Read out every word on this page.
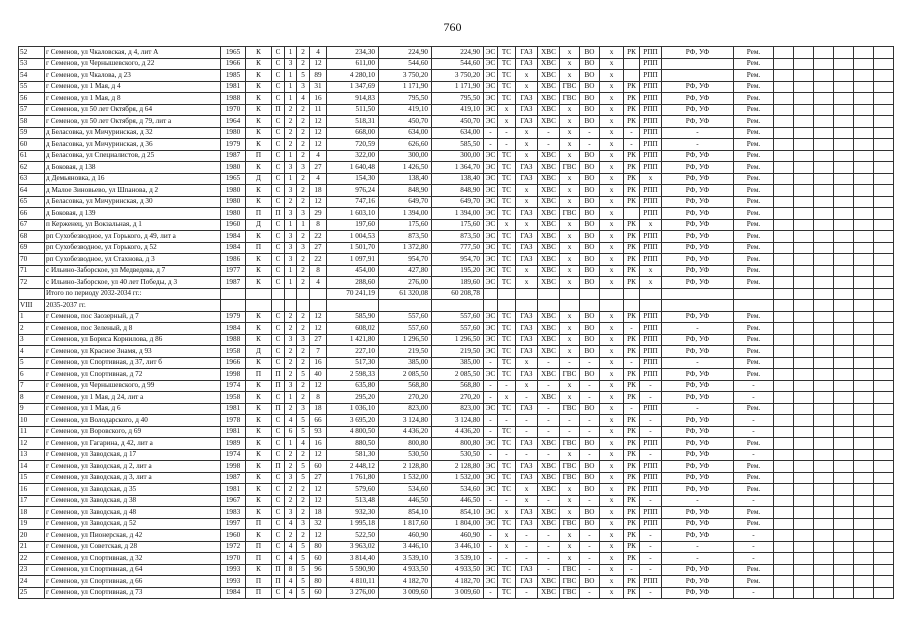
760
52	г Семенов, ул Чкаловская, д 4, лит А	1965	К	С	1	2	4	234,30	224,90	224,90	ЭС	ТС	ГАЗ	ХВС	х	ВО	х	РК	РПП	РФ, УФ	Рем.						
53	г Семенов, ул Чернышевского, д 22	1966	К	С	3	2	12	611,00	544,60	544,60	ЭС	ТС	ГАЗ	ХВС	х	ВО	х		РПП		Рем.						
54	г Семенов, ул Чкалова, д 23	1985	К	С	1	5	89	4 280,10	3 750,20	3 750,20	ЭС	ТС	х	ХВС	х	ВО	х		РПП		Рем.						
55	г Семенов, ул 1 Мая, д 4	1981	К	С	1	3	31	1 347,69	1 171,90	1 171,90	ЭС	ТС	х	ХВС	ГВС	ВО	х	РК	РПП	РФ, УФ	Рем.						
56	г Семенов, ул 1 Мая, д 8	1988	К	С	1	4	16	914,83	795,50	795,50	ЭС	ТС	ГАЗ	ХВС	ГВС	ВО	х	РК	РПП	РФ, УФ	Рем.						
57	г Семенов, ул 50 лет Октября, д 64	1970	К	П	2	2	11	511,50	419,10	419,10	ЭС	х	ГАЗ	ХВС	х	ВО	х	РК	РПП	РФ, УФ	Рем.						
58	г Семенов, ул 50 лет Октября, д 79, лит а	1964	К	С	2	2	12	518,31	450,70	450,70	ЭС	х	ГАЗ	ХВС	х	ВО	х	РК	РПП	РФ, УФ	Рем.						
59	д Беласовка, ул Мичуринская, д 32	1980	К	С	2	2	12	668,00	634,00	634,00	-	-	х	-	х	-	х	-	РПП	-	Рем.						
60	д Беласовка, ул Мичуринская, д 36	1979	К	С	2	2	12	720,59	626,60	585,50	-	-	х	-	х	-	х	-	РПП	-	Рем.						
61	д Беласовка, ул Специалистов, д 25	1987	П	С	1	2	4	322,00	300,00	300,00	ЭС	ТС	х	ХВС	х	ВО	х	РК	РПП	РФ, УФ	Рем.						
62	д Боковая, д 138	1980	К	С	3	3	27	1 640,48	1 426,50	1 364,70	ЭС	ТС	ГАЗ	ХВС	ГВС	ВО	х	РК	РПП	РФ, УФ	Рем.						
63	д Демьяновка, д 16	1965	Д	С	1	2	4	154,30	138,40	138,40	ЭС	ТС	ГАЗ	ХВС	х	ВО	х	РК	х	РФ, УФ	Рем.						
64	д Малое Зиновьево, ул Шпанова, д 2	1980	К	С	3	2	18	976,24	848,90	848,90	ЭС	ТС	х	ХВС	х	ВО	х	РК	РПП	РФ, УФ	Рем.						
65	д Беласовка, ул Мичуринская, д 30	1980	К	С	2	2	12	747,16	649,70	649,70	ЭС	ТС	х	ХВС	х	ВО	х	РК	РПП	РФ, УФ	Рем.						
66	д Боковая, д 139	1980	П	П	3	3	29	1 603,10	1 394,00	1 394,00	ЭС	ТС	ГАЗ	ХВС	ГВС	ВО	х		РПП	РФ, УФ	Рем.						
67	п Керженец, ул Вокзальная, д 1	1960	Д	С	1	1	8	197,60	175,60	175,60	ЭС	х	х	ХВС	х	ВО	х	РК	х	РФ, УФ	Рем.						
68	рп Сухобезводное, ул Горького, д 49, лит а	1984	К	С	3	2	22	1 004,53	873,50	873,50	ЭС	ТС	ГАЗ	ХВС	х	ВО	х	РК	РПП	РФ, УФ	Рем.						
69	рп Сухобезводное, ул Горького, д 52	1984	П	С	3	3	27	1 501,70	1 372,80	777,50	ЭС	ТС	ГАЗ	ХВС	х	ВО	х	РК	РПП	РФ, УФ	Рем.						
70	рп Сухобезводное, ул Стахнова, д 3	1986	К	С	3	2	22	1 097,91	954,70	954,70	ЭС	ТС	ГАЗ	ХВС	х	ВО	х	РК	РПП	РФ, УФ	Рем.						
71	с Ильино-Заборское, ул Медведева, д 7	1977	К	С	1	2	8	454,00	427,80	195,20	ЭС	ТС	х	ХВС	х	ВО	х	РК	х	РФ, УФ	Рем.						
72	с Ильино-Заборское, ул 40 лет Победы, д 3	1987	К	С	1	2	4	288,60	276,00	189,60	ЭС	ТС	х	ХВС	х	ВО	х	РК	х	РФ, УФ	Рем.						
	Итого по периоду 2032-2034 гг.:							70 241,19	61 320,08	60 208,78																	
VIII	2035-2037 гг.																										
1	г Семенов, пос Заозерный, д 7	1979	К	С	2	2	12	585,90	557,60	557,60	ЭС	ТС	ГАЗ	ХВС	х	ВО	х	РК	РПП	РФ, УФ	Рем.						
2	г Семенов, пос Зеленый, д 8	1984	К	С	2	2	12	608,02	557,60	557,60	ЭС	ТС	ГАЗ	ХВС	х	ВО	х	-	РПП	-	Рем.						
3	г Семенов, ул Бориса Корнилова, д 86	1988	К	С	3	3	27	1 421,80	1 296,50	1 296,50	ЭС	ТС	ГАЗ	ХВС	х	ВО	х	РК	РПП	РФ, УФ	Рем.						
4	г Семенов, ул Красное Знамя, д 93	1958	Д	С	2	2	7	227,10	219,50	219,50	ЭС	ТС	ГАЗ	ХВС	х	ВО	х	РК	РПП	РФ, УФ	Рем.						
5	г Семенов, ул Спортивная, д 37, лит б	1966	К	С	2	2	16	517,30	385,00	385,00	-	ТС	х	-	-	-	х	-	РПП	-	Рем.						
6	г Семенов, ул Спортивная, д 72	1998	П	П	2	5	40	2 598,33	2 085,50	2 085,50	ЭС	ТС	ГАЗ	ХВС	ГВС	ВО	х	РК	РПП	РФ, УФ	Рем.						
7	г Семенов, ул Чернышевского, д 99	1974	К	П	3	2	12	635,80	568,80	568,80	-	-	х	-	х	-	х	РК	-	РФ, УФ	-						
8	г Семенов, ул 1 Мая, д 24, лит а	1958	К	С	1	2	8	295,20	270,20	270,20	-	х	-	ХВС	х	-	х	РК	-	РФ, УФ	-						
9	г Семенов, ул 1 Мая, д 6	1981	К	П	2	3	18	1 036,10	823,00	823,00	ЭС	ТС	ГАЗ	-	ГВС	ВО	х	-	РПП	-	Рем.						
10	г Семенов, ул Володарского, д 40	1978	К	С	4	5	66	3 695,20	3 124,80	3 124,80	-	-	-	-	-	-	х	РК	-	РФ, УФ	-						
11	г Семенов, ул Воровского, д 69	1981	К	С	6	5	93	4 800,50	4 436,20	4 436,20	-	ТС	-	-	-	-	х	РК	-	РФ, УФ	-						
12	г Семенов, ул Гагарина, д 42, лит а	1989	К	С	1	4	16	880,50	800,80	800,80	ЭС	ТС	ГАЗ	ХВС	ГВС	ВО	х	РК	РПП	РФ, УФ	Рем.						
13	г Семенов, ул Заводская, д 17	1974	К	С	2	2	12	581,30	530,50	530,50	-	-	-	-	х	-	х	РК	-	РФ, УФ	-						
14	г Семенов, ул Заводская, д 2, лит а	1998	К	П	2	5	60	2 448,12	2 128,80	2 128,80	ЭС	ТС	ГАЗ	ХВС	ГВС	ВО	х	РК	РПП	РФ, УФ	Рем.						
15	г Семенов, ул Заводская, д 3, лит а	1987	К	С	3	5	27	1 761,80	1 532,00	1 532,00	ЭС	ТС	ГАЗ	ХВС	ГВС	ВО	х	РК	РПП	РФ, УФ	Рем.						
16	г Семенов, ул Заводская, д 35	1981	К	С	2	2	12	579,60	534,60	534,60	ЭС	ТС	х	ХВС	х	ВО	х	РК	РПП	РФ, УФ	Рем.						
17	г Семенов, ул Заводская, д 38	1967	К	С	2	2	12	513,48	446,50	446,50	-	-	х	-	х	-	х	РК	-	-	-						
18	г Семенов, ул Заводская, д 48	1983	К	С	3	2	18	932,30	854,10	854,10	ЭС	х	ГАЗ	ХВС	х	ВО	х	РК	РПП	РФ, УФ	Рем.						
19	г Семенов, ул Заводская, д 52	1997	П	С	4	3	32	1 995,18	1 817,60	1 804,00	ЭС	ТС	ГАЗ	ХВС	ГВС	ВО	х	РК	РПП	РФ, УФ	Рем.						
20	г Семенов, ул Пионерская, д 42	1960	К	С	2	2	12	522,50	460,90	460,90	-	х	-	-	х	-	х	РК	-	РФ, УФ	-						
21	г Семенов, ул Советская, д 28	1972	П	С	4	5	80	3 963,02	3 446,10	3 446,10	-	х	-	-	х	-	х	РК	-	-	-						
22	г Семенов, ул Спортивная, д 32	1970	П	С	4	5	60	3 814,40	3 539,10	3 539,10	-	-	-	-	х	-	х	РК	-	-	-						
23	г Семенов, ул Спортивная, д 64	1993	К	П	8	5	96	5 590,90	4 933,50	4 933,50	ЭС	ТС	ГАЗ	-	ГВС	-	х	-	-	РФ, УФ	Рем.						
24	г Семенов, ул Спортивная, д 66	1993	П	П	4	5	80	4 810,11	4 182,70	4 182,70	ЭС	ТС	ГАЗ	ХВС	ГВС	ВО	х	РК	РПП	РФ, УФ	Рем.						
25	г Семенов, ул Спортивная, д 73	1984	П	С	4	5	60	3 276,00	3 009,60	3 009,60	-	ТС	-	ХВС	ГВС	-	х	РК	-	РФ, УФ	-						
